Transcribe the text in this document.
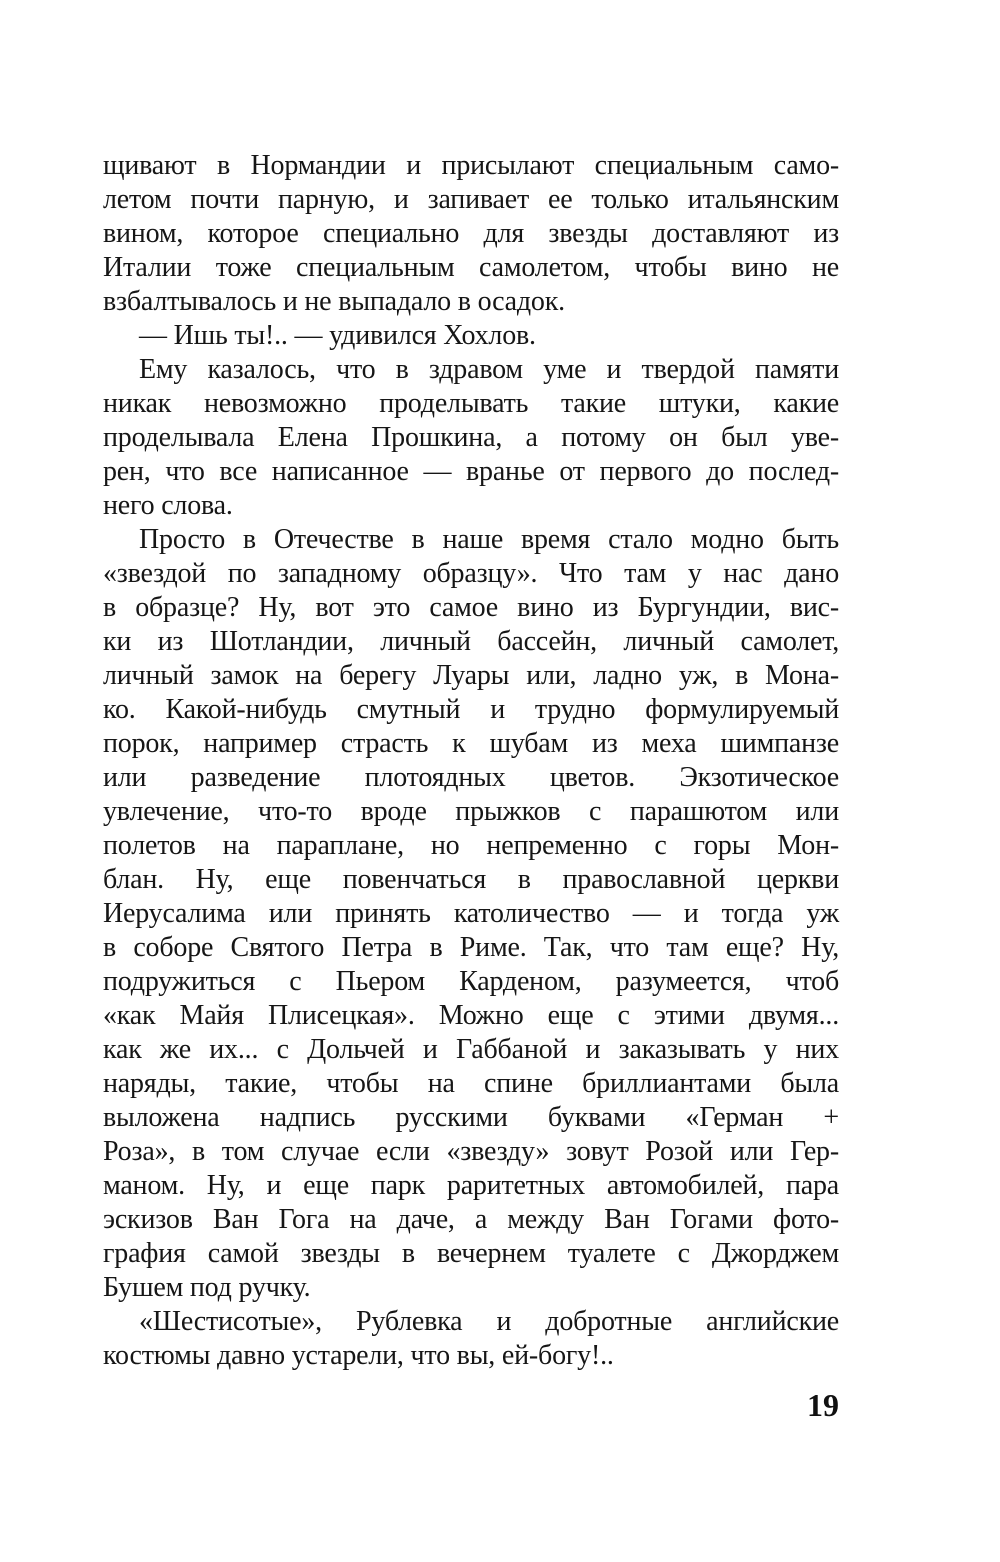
щивают в Нормандии и присылают специальным само-
летом почти парную, и запивает ее только итальянским
вином, которое специально для звезды доставляют из
Италии тоже специальным самолетом, чтобы вино не
взбалтывалось и не выпадало в осадок.
— Ишь ты!.. — удивился Хохлов.
Ему казалось, что в здравом уме и твердой памяти
никак невозможно проделывать такие штуки, какие
проделывала Елена Прошкина, а потому он был уве-
рен, что все написанное — вранье от первого до послед-
него слова.
Просто в Отечестве в наше время стало модно быть
«звездой по западному образцу». Что там у нас дано
в образце? Ну, вот это самое вино из Бургундии, вис-
ки из Шотландии, личный бассейн, личный самолет,
личный замок на берегу Луары или, ладно уж, в Мона-
ко. Какой-нибудь смутный и трудно формулируемый
порок, например страсть к шубам из меха шимпанзе
или разведение плотоядных цветов. Экзотическое
увлечение, что-то вроде прыжков с парашютом или
полетов на параплане, но непременно с горы Мон-
блан. Ну, еще повенчаться в православной церкви
Иерусалима или принять католичество — и тогда уж
в соборе Святого Петра в Риме. Так, что там еще? Ну,
подружиться с Пьером Карденом, разумеется, чтоб
«как Майя Плисецкая». Можно еще с этими двумя...
как же их... с Дольчей и Габбаной и заказывать у них
наряды, такие, чтобы на спине бриллиантами была
выложена надпись русскими буквами «Герман +
Роза», в том случае если «звезду» зовут Розой или Гер-
маном. Ну, и еще парк раритетных автомобилей, пара
эскизов Ван Гога на даче, а между Ван Гогами фото-
графия самой звезды в вечернем туалете с Джорджем
Бушем под ручку.
«Шестисотые», Рублевка и добротные английские
костюмы давно устарели, что вы, ей-богу!..
19
